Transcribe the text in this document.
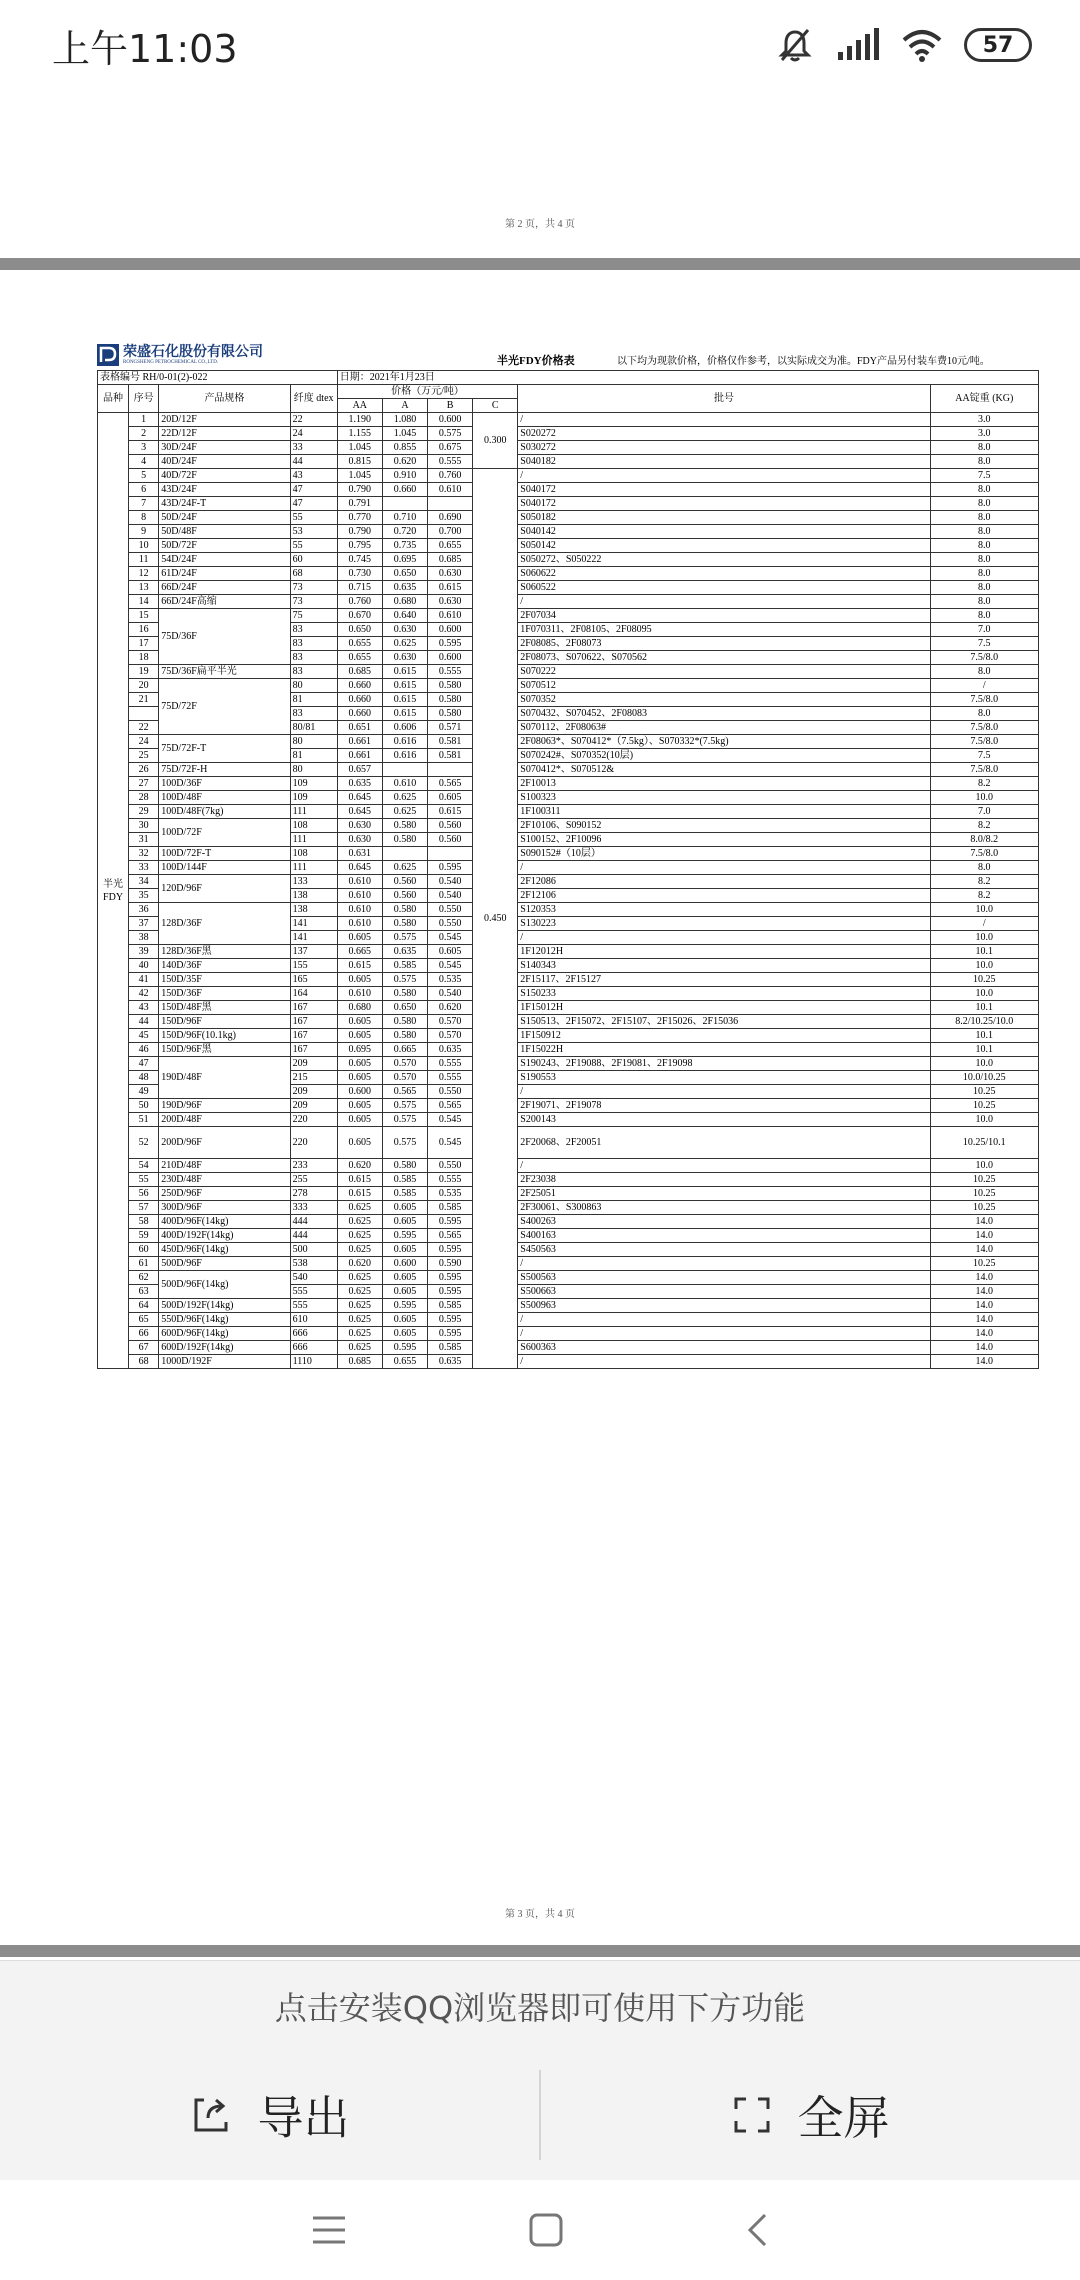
上午11:03	57
第 2 页，共 4 页
荣盛石化股份有限公司
RONGSHENG PETROCHEMICAL CO.,LTD.	半光FDY价格表	以下均为现款价格，价格仅作参考，以实际成交为准。FDY产品另付装车费10元/吨。
表格编号 RH/0-01(2)-022				日期：2021年1月23日					
品种	序号	产品规格	纤度 dtex	价格（万元/吨）				批号	AA锭重 (KG)
				AA	A	B	C		
半光 FDY	1	20D/12F	22	1.190	1.080	0.600	0.300	/	3.0
	2	22D/12F	24	1.155	1.045	0.575		S020272	3.0
	3	30D/24F	33	1.045	0.855	0.675		S030272	8.0
	4	40D/24F	44	0.815	0.620	0.555		S040182	8.0
	5	40D/72F	43	1.045	0.910	0.760	0.450	/	7.5
	6	43D/24F	47	0.790	0.660	0.610		S040172	8.0
	7	43D/24F-T	47	0.791				S040172	8.0
	8	50D/24F	55	0.770	0.710	0.690		S050182	8.0
	9	50D/48F	53	0.790	0.720	0.700		S040142	8.0
	10	50D/72F	55	0.795	0.735	0.655		S050142	8.0
	11	54D/24F	60	0.745	0.695	0.685		S050272、S050222	8.0
	12	61D/24F	68	0.730	0.650	0.630		S060622	8.0
	13	66D/24F	73	0.715	0.635	0.615		S060522	8.0
	14	66D/24F高缩	73	0.760	0.680	0.630		/	8.0
	15	75D/36F	75	0.670	0.640	0.610		2F07034	8.0
	16		83	0.650	0.630	0.600		1F070311、2F08105、2F08095	7.0
	17		83	0.655	0.625	0.595		2F08085、2F08073	7.5
	18		83	0.655	0.630	0.600		2F08073、S070622、S070562	7.5/8.0
	19	75D/36F扁平半光	83	0.685	0.615	0.555		S070222	8.0
	20	75D/72F	80	0.660	0.615	0.580		S070512	/
	21		81	0.660	0.615	0.580		S070352	7.5/8.0
			83	0.660	0.615	0.580		S070432、S070452、2F08083	8.0
	22		80/81	0.651	0.606	0.571		S070112、2F08063#	7.5/8.0
	24	75D/72F-T	80	0.661	0.616	0.581		2F08063*、S070412*（7.5kg）、S070332*(7.5kg)	7.5/8.0
	25		81	0.661	0.616	0.581		S070242#、S070352(10层)	7.5
	26	75D/72F-H	80	0.657				S070412*、S070512&	7.5/8.0
	27	100D/36F	109	0.635	0.610	0.565		2F10013	8.2
	28	100D/48F	109	0.645	0.625	0.605		S100323	10.0
	29	100D/48F(7kg)	111	0.645	0.625	0.615		1F100311	7.0
	30	100D/72F	108	0.630	0.580	0.560		2F10106、S090152	8.2
	31		111	0.630	0.580	0.560		S100152、2F10096	8.0/8.2
	32	100D/72F-T	108	0.631				S090152#（10层）	7.5/8.0
	33	100D/144F	111	0.645	0.625	0.595		/	8.0
	34	120D/96F	133	0.610	0.560	0.540		2F12086	8.2
	35		138	0.610	0.560	0.540		2F12106	8.2
	36	128D/36F	138	0.610	0.580	0.550		S120353	10.0
	37		141	0.610	0.580	0.550		S130223	/
	38		141	0.605	0.575	0.545		/	10.0
	39	128D/36F黑	137	0.665	0.635	0.605		1F12012H	10.1
	40	140D/36F	155	0.615	0.585	0.545		S140343	10.0
	41	150D/35F	165	0.605	0.575	0.535		2F15117、2F15127	10.25
	42	150D/36F	164	0.610	0.580	0.540		S150233	10.0
	43	150D/48F黑	167	0.680	0.650	0.620		1F15012H	10.1
	44	150D/96F	167	0.605	0.580	0.570		S150513、2F15072、2F15107、2F15026、2F15036	8.2/10.25/10.0
	45	150D/96F(10.1kg)	167	0.605	0.580	0.570		1F150912	10.1
	46	150D/96F黑	167	0.695	0.665	0.635		1F15022H	10.1
	47	190D/48F	209	0.605	0.570	0.555		S190243、2F19088、2F19081、2F19098	10.0
	48		215	0.605	0.570	0.555		S190553	10.0/10.25
	49		209	0.600	0.565	0.550		/	10.25
	50	190D/96F	209	0.605	0.575	0.565		2F19071、2F19078	10.25
	51	200D/48F	220	0.605	0.575	0.545		S200143	10.0
	52	200D/96F	220	0.605	0.575	0.545		2F20068、2F20051	10.25/10.1
	54	210D/48F	233	0.620	0.580	0.550		/	10.0
	55	230D/48F	255	0.615	0.585	0.555		2F23038	10.25
	56	250D/96F	278	0.615	0.585	0.535		2F25051	10.25
	57	300D/96F	333	0.625	0.605	0.585		2F30061、S300863	10.25
	58	400D/96F(14kg)	444	0.625	0.605	0.595		S400263	14.0
	59	400D/192F(14kg)	444	0.625	0.595	0.565		S400163	14.0
	60	450D/96F(14kg)	500	0.625	0.605	0.595		S450563	14.0
	61	500D/96F	538	0.620	0.600	0.590		/	10.25
	62	500D/96F(14kg)	540	0.625	0.605	0.595		S500563	14.0
	63		555	0.625	0.605	0.595		S500663	14.0
	64	500D/192F(14kg)	555	0.625	0.595	0.585		S500963	14.0
	65	550D/96F(14kg)	610	0.625	0.605	0.595		/	14.0
	66	600D/96F(14kg)	666	0.625	0.605	0.595		/	14.0
	67	600D/192F(14kg)	666	0.625	0.595	0.585		S600363	14.0
	68	1000D/192F	1110	0.685	0.655	0.635		/	14.0
第 3 页，共 4 页
点击安装QQ浏览器即可使用下方功能
导出	全屏
